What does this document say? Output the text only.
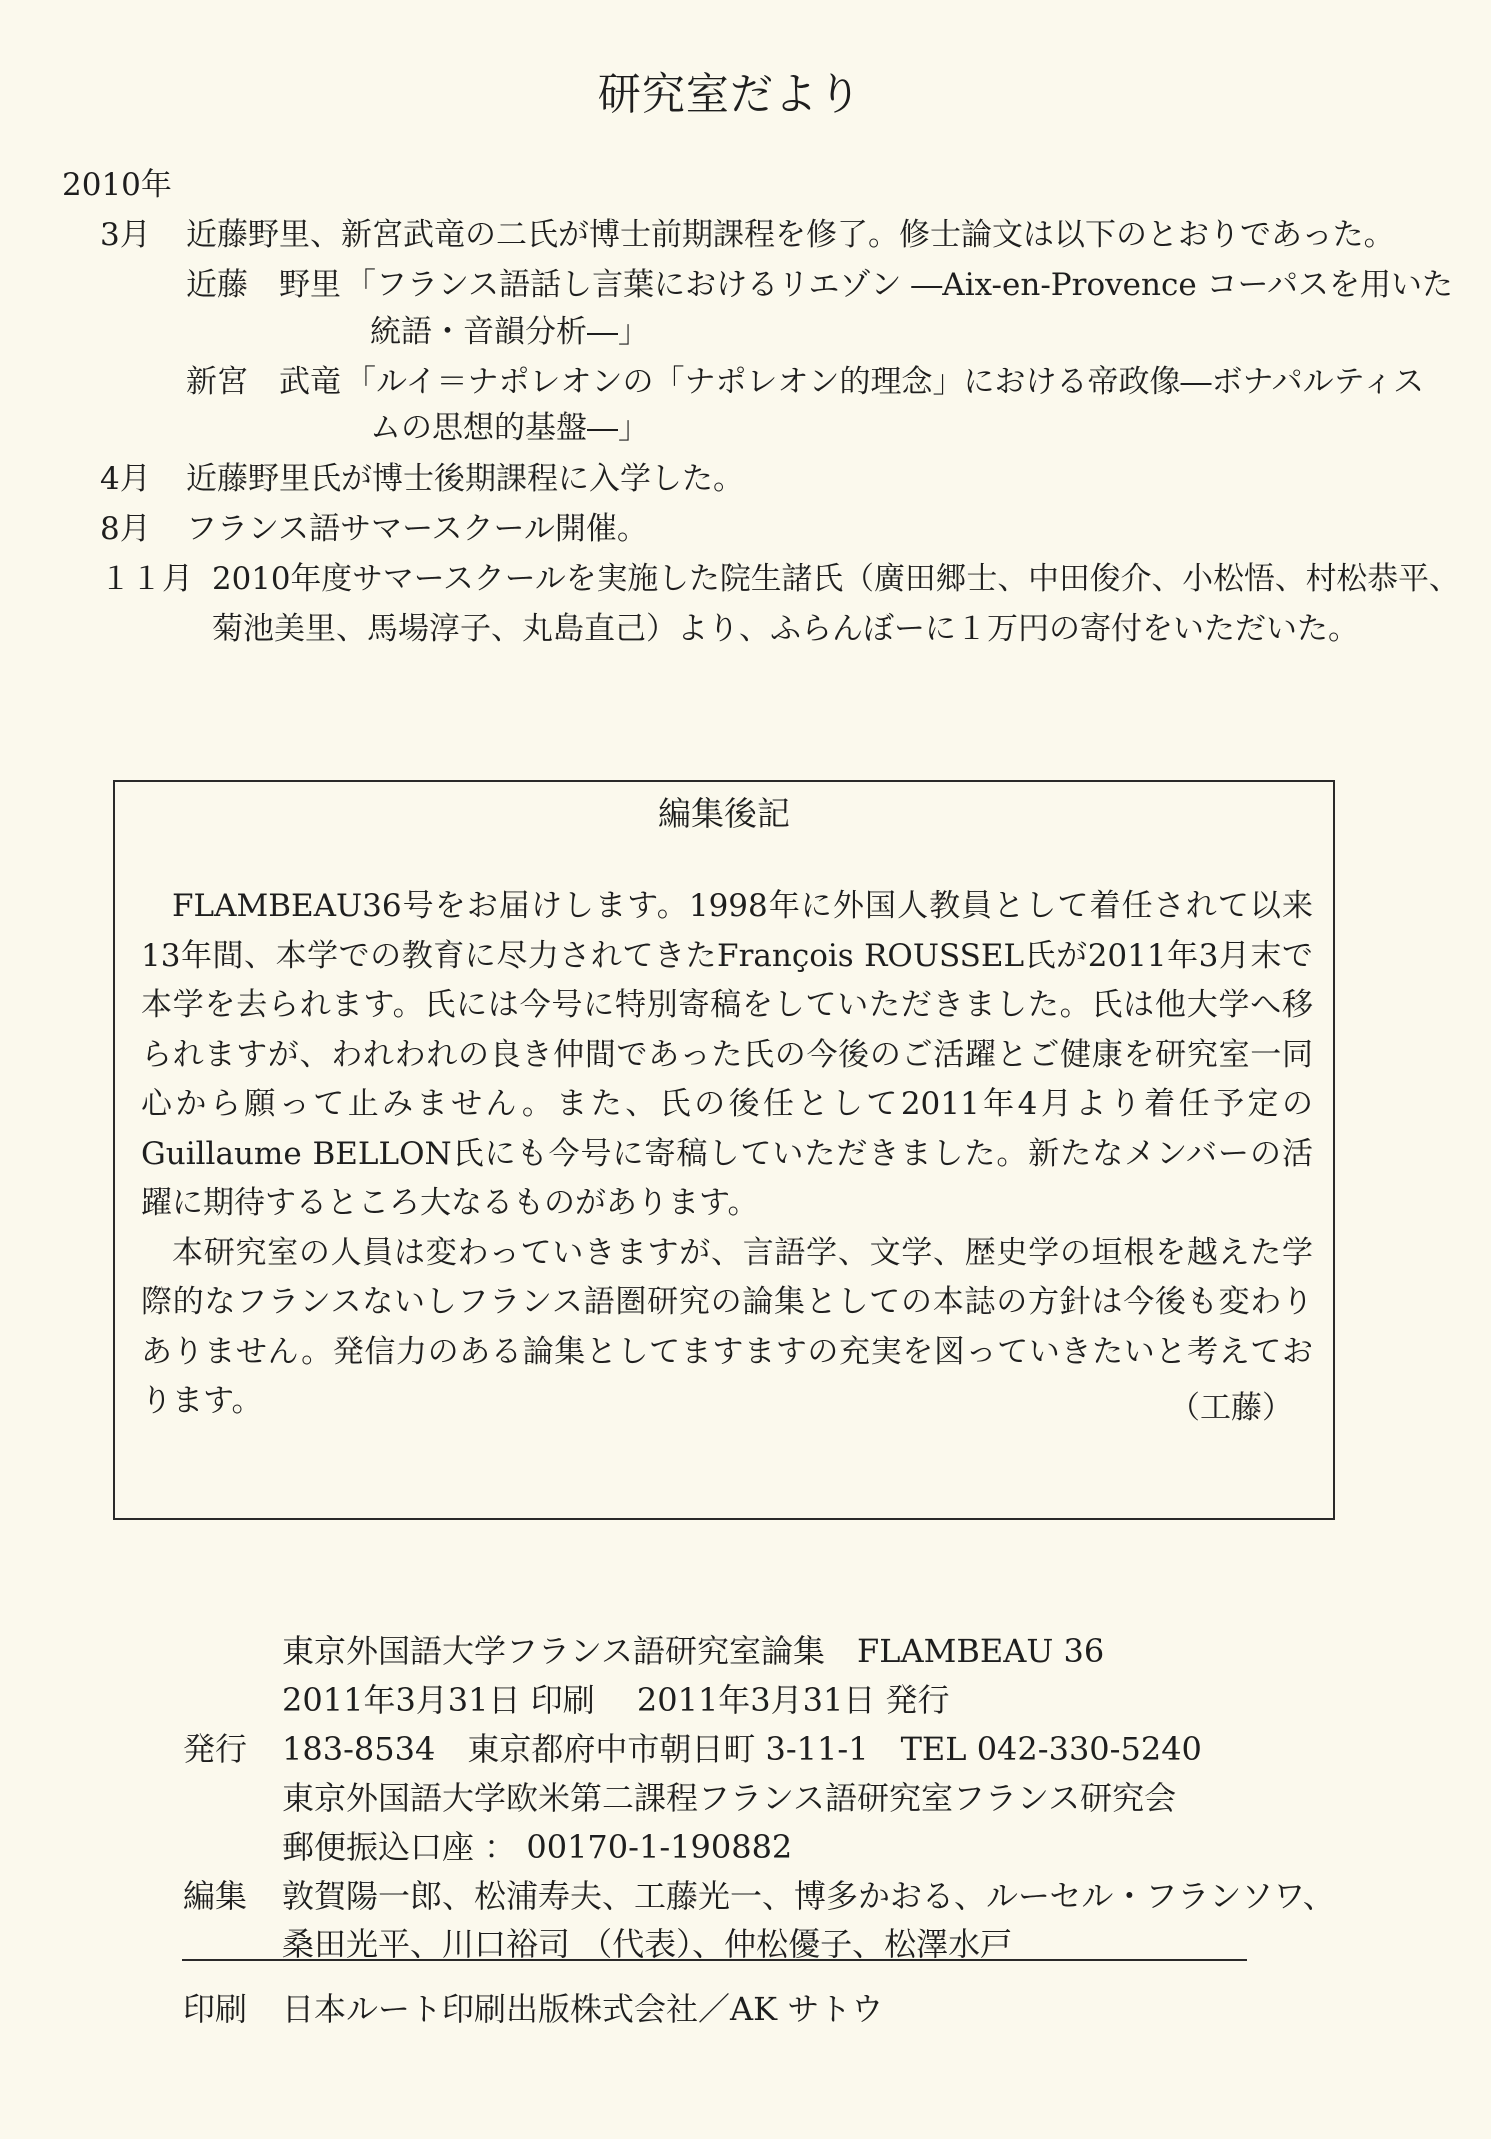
研究室だより
2010年
3月 近藤野里、新宮武竜の二氏が博士前期課程を修了。修士論文は以下のとおりであった。
近藤　野里 「フランス語話し言葉におけるリエゾン ―Aix-en-Provence コーパスを用いた
統語・音韻分析―」
新宮　武竜 「ルイ＝ナポレオンの「ナポレオン的理念」における帝政像―ボナパルティス
ムの思想的基盤―」
4月 近藤野里氏が博士後期課程に入学した。
8月 フランス語サマースクール開催。
１１月 2010年度サマースクールを実施した院生諸氏（廣田郷士、中田俊介、小松悟、村松恭平、
菊池美里、馬場淳子、丸島直己）より、ふらんぼーに１万円の寄付をいただいた。
編集後記

FLAMBEAU36号をお届けします。1998年に外国人教員として着任されて以来13年間、本学での教育に尽力されてきたFrançois ROUSSEL氏が2011年3月末で本学を去られます。氏には今号に特別寄稿をしていただきました。氏は他大学へ移られますが、われわれの良き仲間であった氏の今後のご活躍とご健康を研究室一同心から願って止みません。また、氏の後任として2011年4月より着任予定のGuillaume BELLON氏にも今号に寄稿していただきました。新たなメンバーの活躍に期待するところ大なるものがあります。

本研究室の人員は変わっていきますが、言語学、文学、歴史学の垣根を越えた学際的なフランスないしフランス語圏研究の論集としての本誌の方針は今後も変わりありません。発信力のある論集としてますますの充実を図っていきたいと考えております。	（工藤）
東京外国語大学フランス語研究室論集　FLAMBEAU 36
2011年3月31日 印刷　 2011年3月31日 発行
発行 183-8534　東京都府中市朝日町 3-11-1　TEL 042-330-5240
東京外国語大学欧米第二課程フランス語研究室フランス研究会
郵便振込口座 ： 00170-1-190882
編集 敦賀陽一郎、松浦寿夫、工藤光一、博多かおる、ルーセル・フランソワ、
桑田光平、川口裕司 （代表）、仲松優子、松澤水戸
印刷 日本ルート印刷出版株式会社／AK サトウ
